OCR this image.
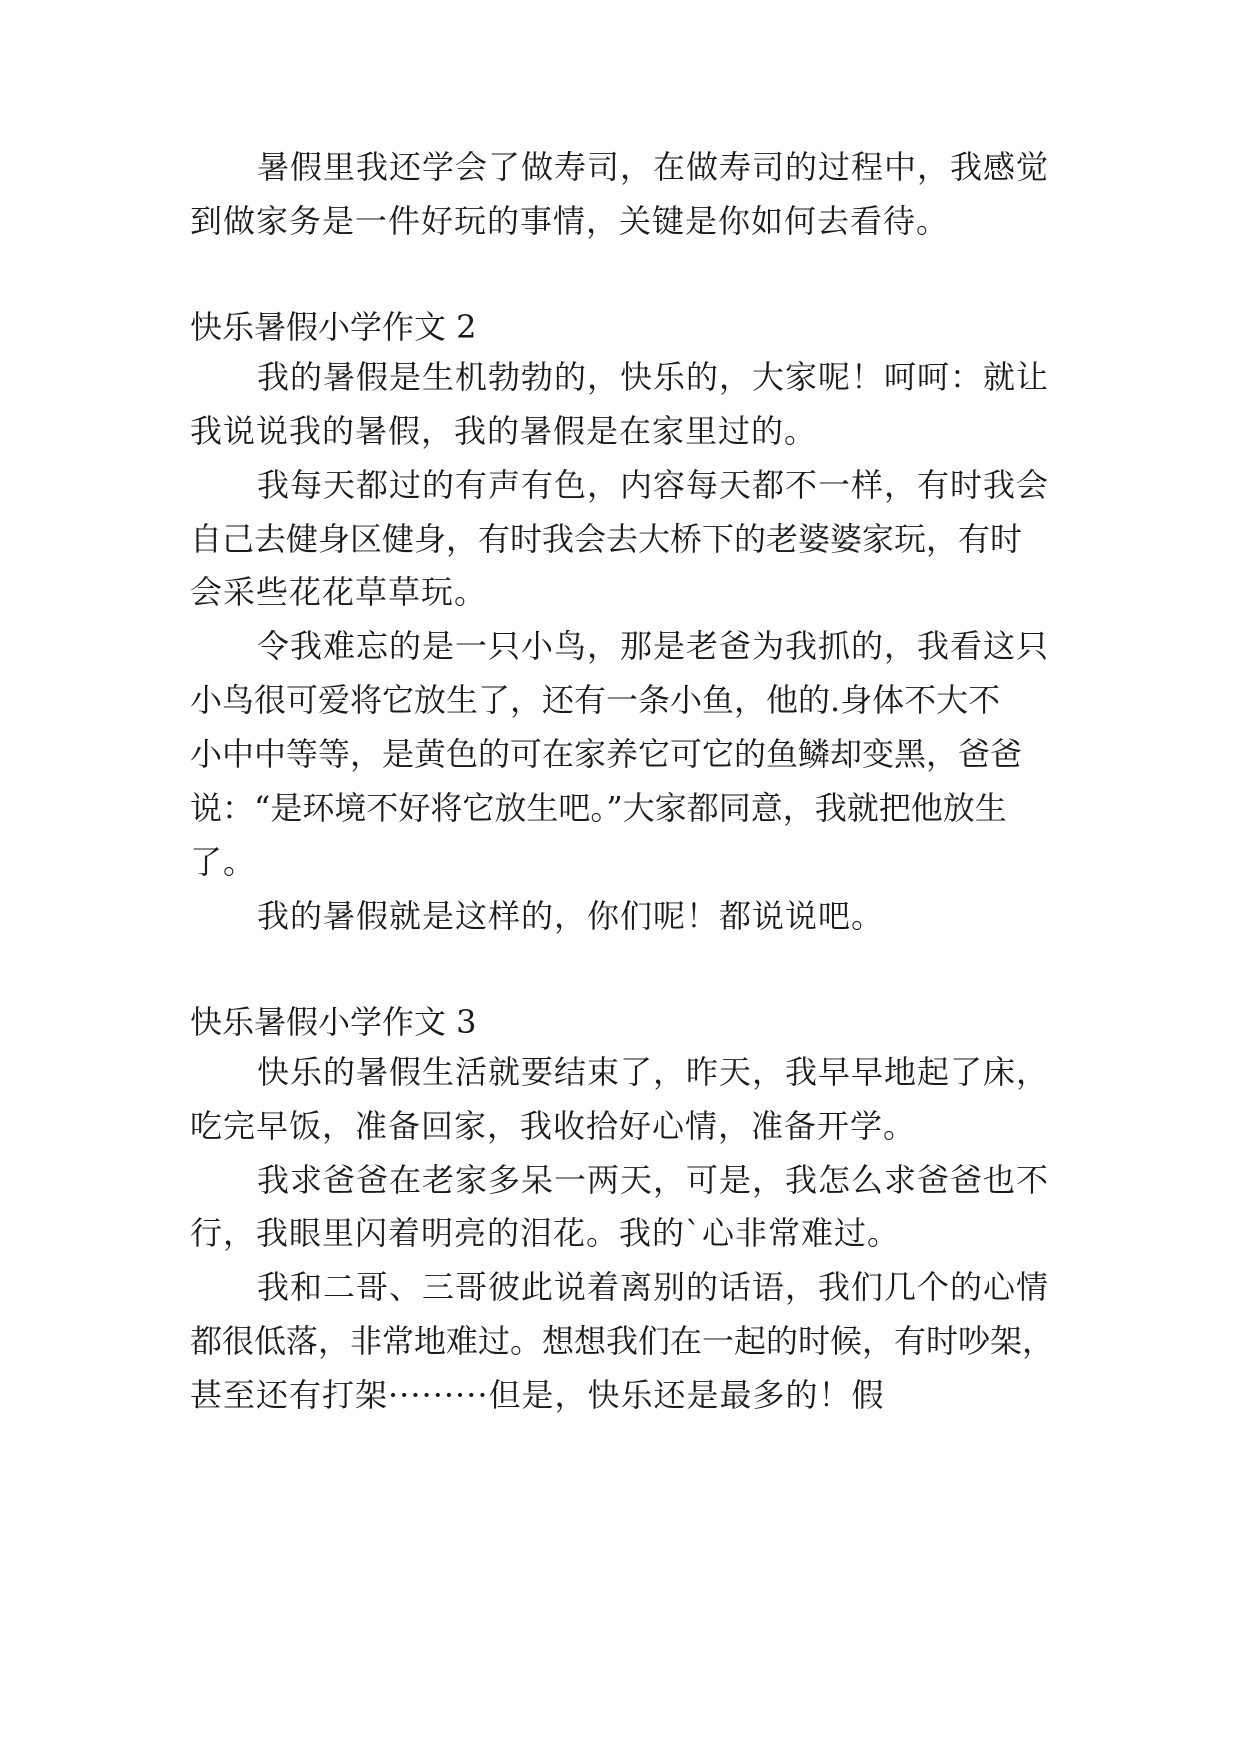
暑假里我还学会了做寿司，在做寿司的过程中，我感觉
到做家务是一件好玩的事情，关键是你如何去看待。
快乐暑假小学作文 2
我的暑假是生机勃勃的，快乐的，大家呢！呵呵：就让
我说说我的暑假，我的暑假是在家里过的。
我每天都过的有声有色，内容每天都不一样，有时我会
自己去健身区健身，有时我会去大桥下的老婆婆家玩，有时
会采些花花草草玩。
令我难忘的是一只小鸟，那是老爸为我抓的，我看这只
小鸟很可爱将它放生了，还有一条小鱼，他的.身体不大不
小中中等等，是黄色的可在家养它可它的鱼鳞却变黑，爸爸
说：“是环境不好将它放生吧。”大家都同意，我就把他放生
了。
我的暑假就是这样的，你们呢！都说说吧。
快乐暑假小学作文 3
快乐的暑假生活就要结束了，昨天，我早早地起了床，
吃完早饭，准备回家，我收拾好心情，准备开学。
我求爸爸在老家多呆一两天，可是，我怎么求爸爸也不
行，我眼里闪着明亮的泪花。我的`心非常难过。
我和二哥、三哥彼此说着离别的话语，我们几个的心情
都很低落，非常地难过。想想我们在一起的时候，有时吵架，
甚至还有打架·········但是，快乐还是最多的！假
